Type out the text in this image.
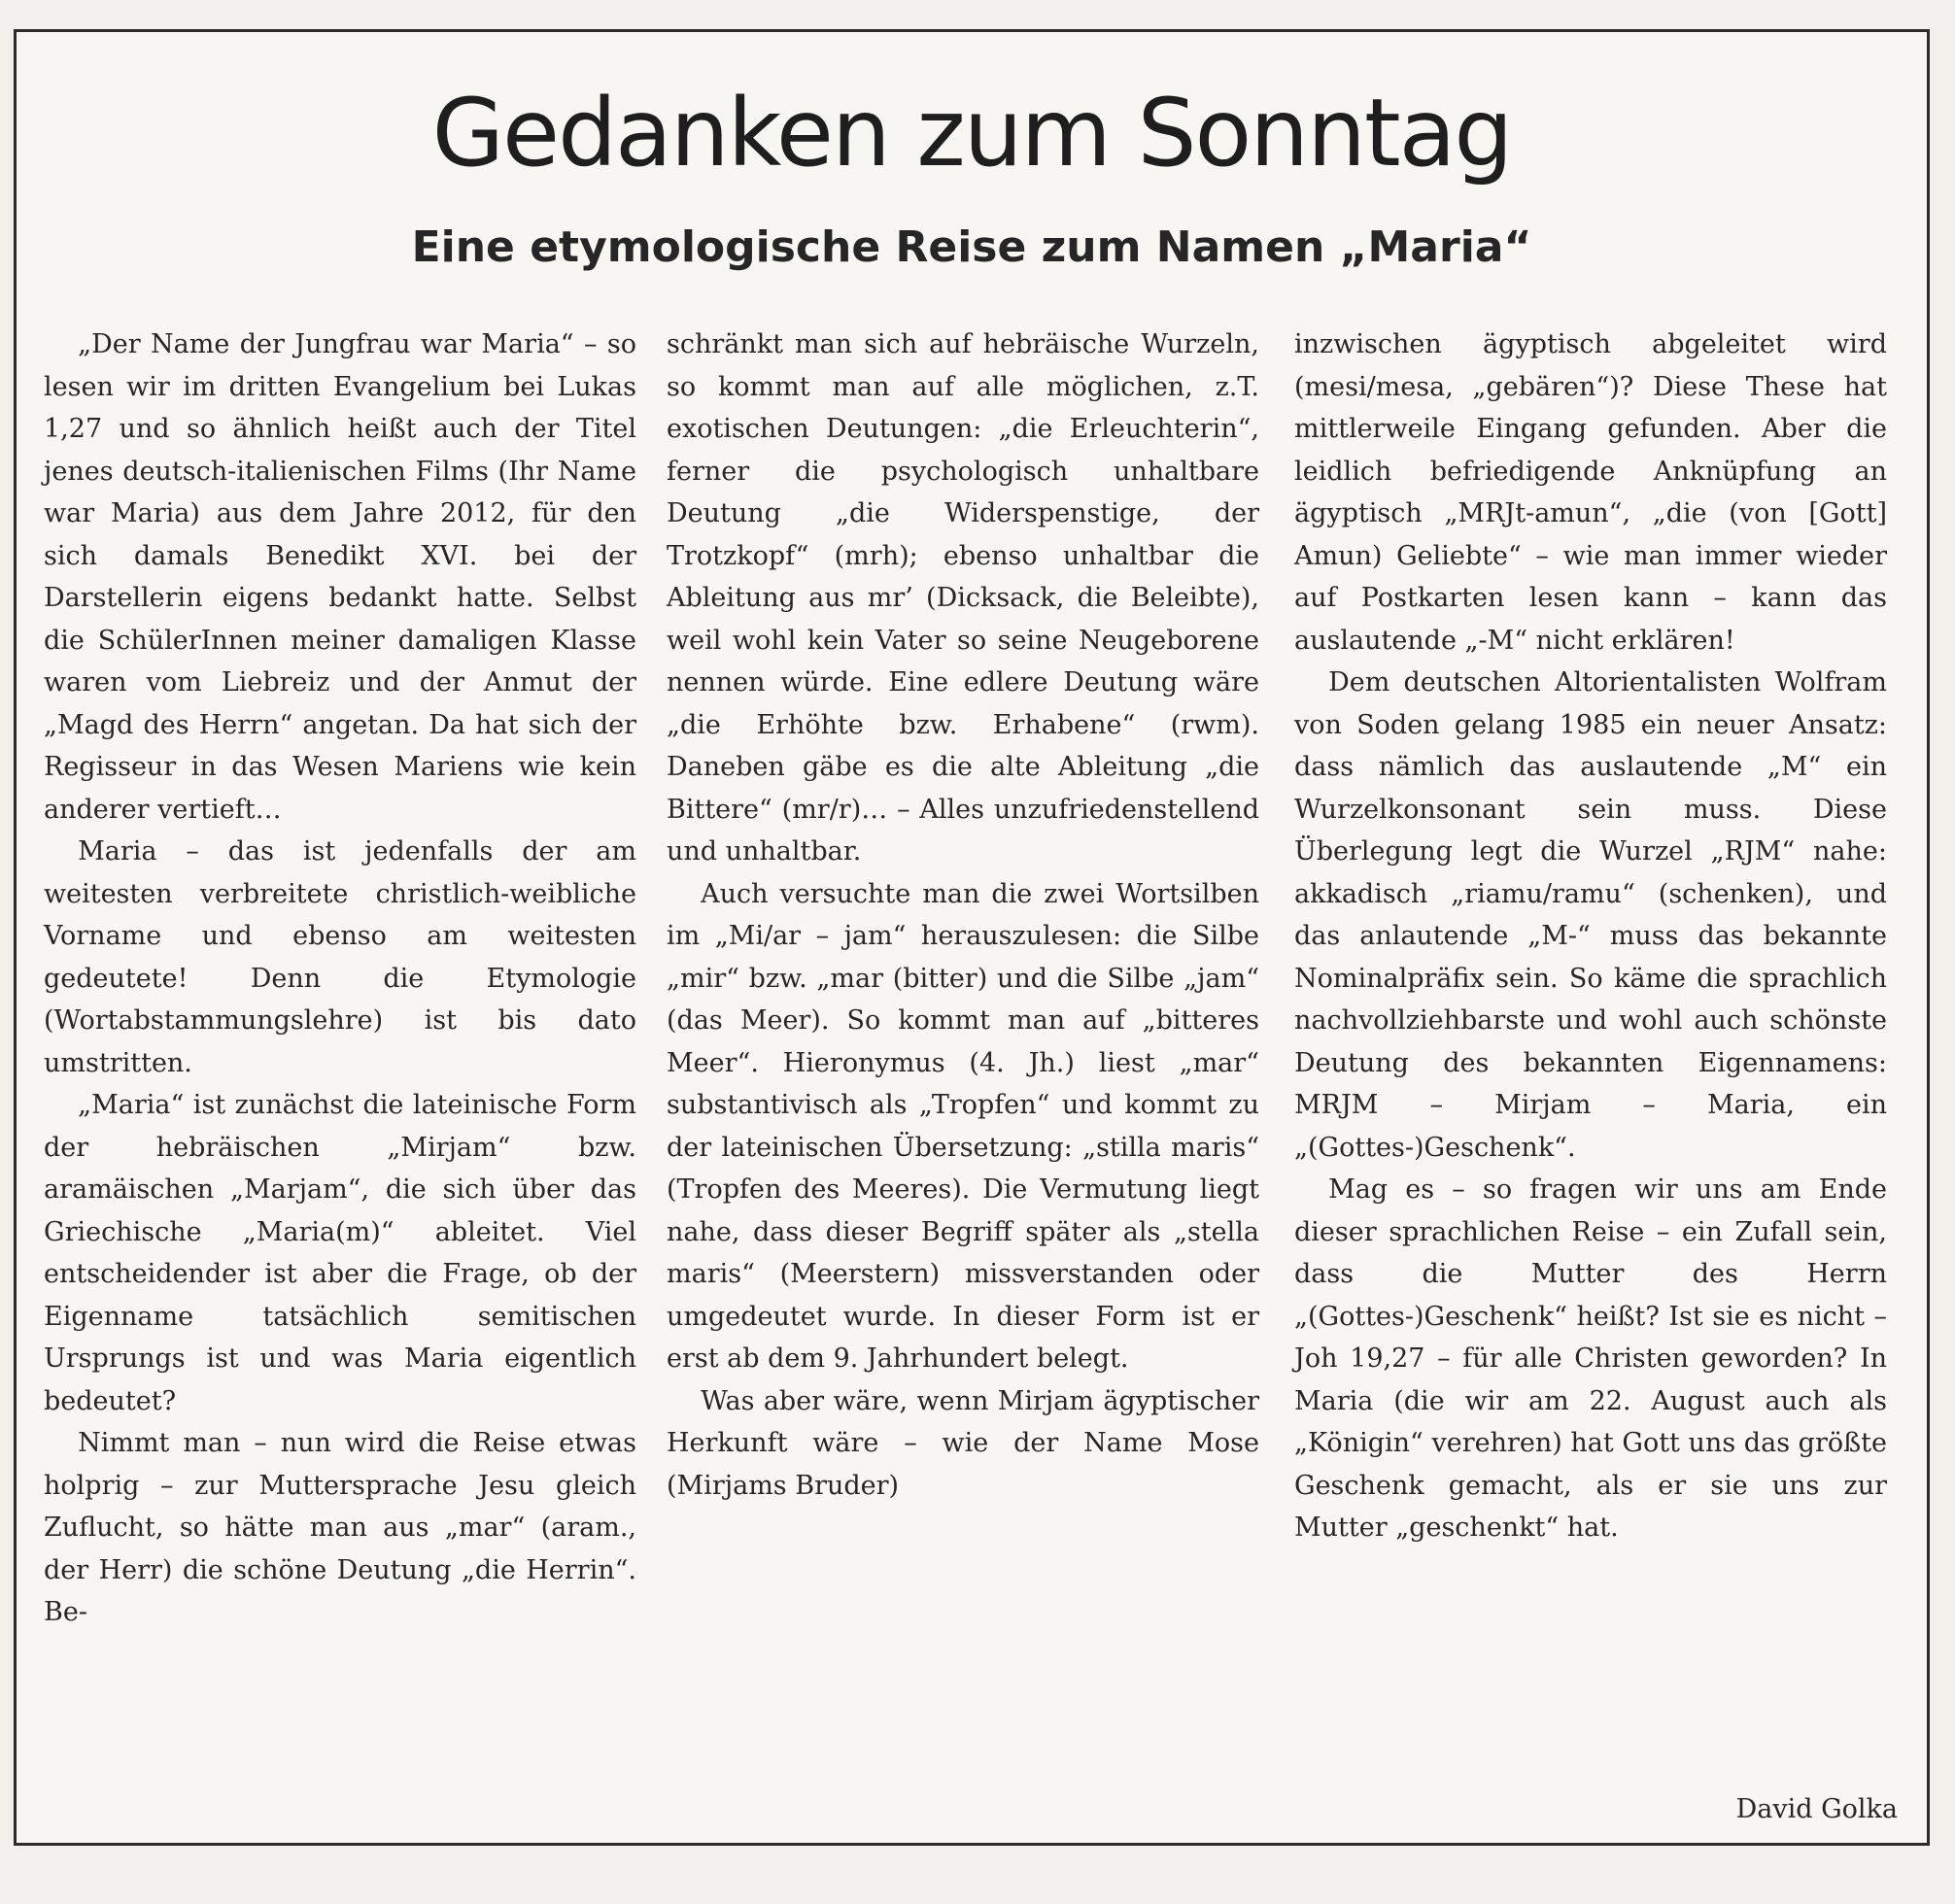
Gedanken zum Sonntag
Eine etymologische Reise zum Namen „Maria“

„Der Name der Jungfrau war Maria“ – so lesen wir im dritten Evangelium bei Lukas 1,27 und so ähnlich heißt auch der Titel jenes deutsch-italienischen Films (Ihr Name war Maria) aus dem Jahre 2012, für den sich damals Benedikt XVI. bei der Darstellerin eigens bedankt hatte. Selbst die SchülerInnen meiner damaligen Klasse waren vom Liebreiz und der Anmut der „Magd des Herrn“ angetan. Da hat sich der Regisseur in das Wesen Mariens wie kein anderer vertieft…

Maria – das ist jedenfalls der am weitesten verbreitete christlich-weibliche Vorname und ebenso am weitesten gedeutete! Denn die Etymologie (Wortabstammungslehre) ist bis dato umstritten.

„Maria“ ist zunächst die lateinische Form der hebräischen „Mirjam“ bzw. aramäischen „Marjam“, die sich über das Griechische „Maria(m)“ ableitet. Viel entscheidender ist aber die Frage, ob der Eigenname tatsächlich semitischen Ursprungs ist und was Maria eigentlich bedeutet?

Nimmt man – nun wird die Reise etwas holprig – zur Muttersprache Jesu gleich Zuflucht, so hätte man aus „mar“ (aram., der Herr) die schöne Deutung „die Herrin“. Be-

schränkt man sich auf hebräische Wurzeln, so kommt man auf alle möglichen, z.T. exotischen Deutungen: „die Erleuchterin“, ferner die psychologisch unhaltbare Deutung „die Widerspenstige, der Trotzkopf“ (mrh); ebenso unhaltbar die Ableitung aus mr’ (Dicksack, die Beleibte), weil wohl kein Vater so seine Neugeborene nennen würde. Eine edlere Deutung wäre „die Erhöhte bzw. Erhabene“ (rwm). Daneben gäbe es die alte Ableitung „die Bittere“ (mr/r)… – Alles unzufriedenstellend und unhaltbar.

Auch versuchte man die zwei Wortsilben im „Mi/ar – jam“ herauszulesen: die Silbe „mir“ bzw. „mar (bitter) und die Silbe „jam“ (das Meer). So kommt man auf „bitteres Meer“. Hieronymus (4. Jh.) liest „mar“ substantivisch als „Tropfen“ und kommt zu der lateinischen Übersetzung: „stilla maris“ (Tropfen des Meeres). Die Vermutung liegt nahe, dass dieser Begriff später als „stella maris“ (Meerstern) missverstanden oder umgedeutet wurde. In dieser Form ist er erst ab dem 9. Jahrhundert belegt.

Was aber wäre, wenn Mirjam ägyptischer Herkunft wäre – wie der Name Mose (Mirjams Bruder)

inzwischen ägyptisch abgeleitet wird (mesi/mesa, „gebären“)? Diese These hat mittlerweile Eingang gefunden. Aber die leidlich befriedigende Anknüpfung an ägyptisch „MRJt-amun“, „die (von [Gott] Amun) Geliebte“ – wie man immer wieder auf Postkarten lesen kann – kann das auslautende „-M“ nicht erklären!

Dem deutschen Altorientalisten Wolfram von Soden gelang 1985 ein neuer Ansatz: dass nämlich das auslautende „M“ ein Wurzelkonsonant sein muss. Diese Überlegung legt die Wurzel „RJM“ nahe: akkadisch „riamu/ramu“ (schenken), und das anlautende „M-“ muss das bekannte Nominalpräfix sein. So käme die sprachlich nachvollziehbarste und wohl auch schönste Deutung des bekannten Eigennamens: MRJM – Mirjam – Maria, ein „(Gottes-)Geschenk“.

Mag es – so fragen wir uns am Ende dieser sprachlichen Reise – ein Zufall sein, dass die Mutter des Herrn „(Gottes-)Geschenk“ heißt? Ist sie es nicht – Joh 19,27 – für alle Christen geworden? In Maria (die wir am 22. August auch als „Königin“ verehren) hat Gott uns das größte Geschenk gemacht, als er sie uns zur Mutter „geschenkt“ hat.

David Golka
